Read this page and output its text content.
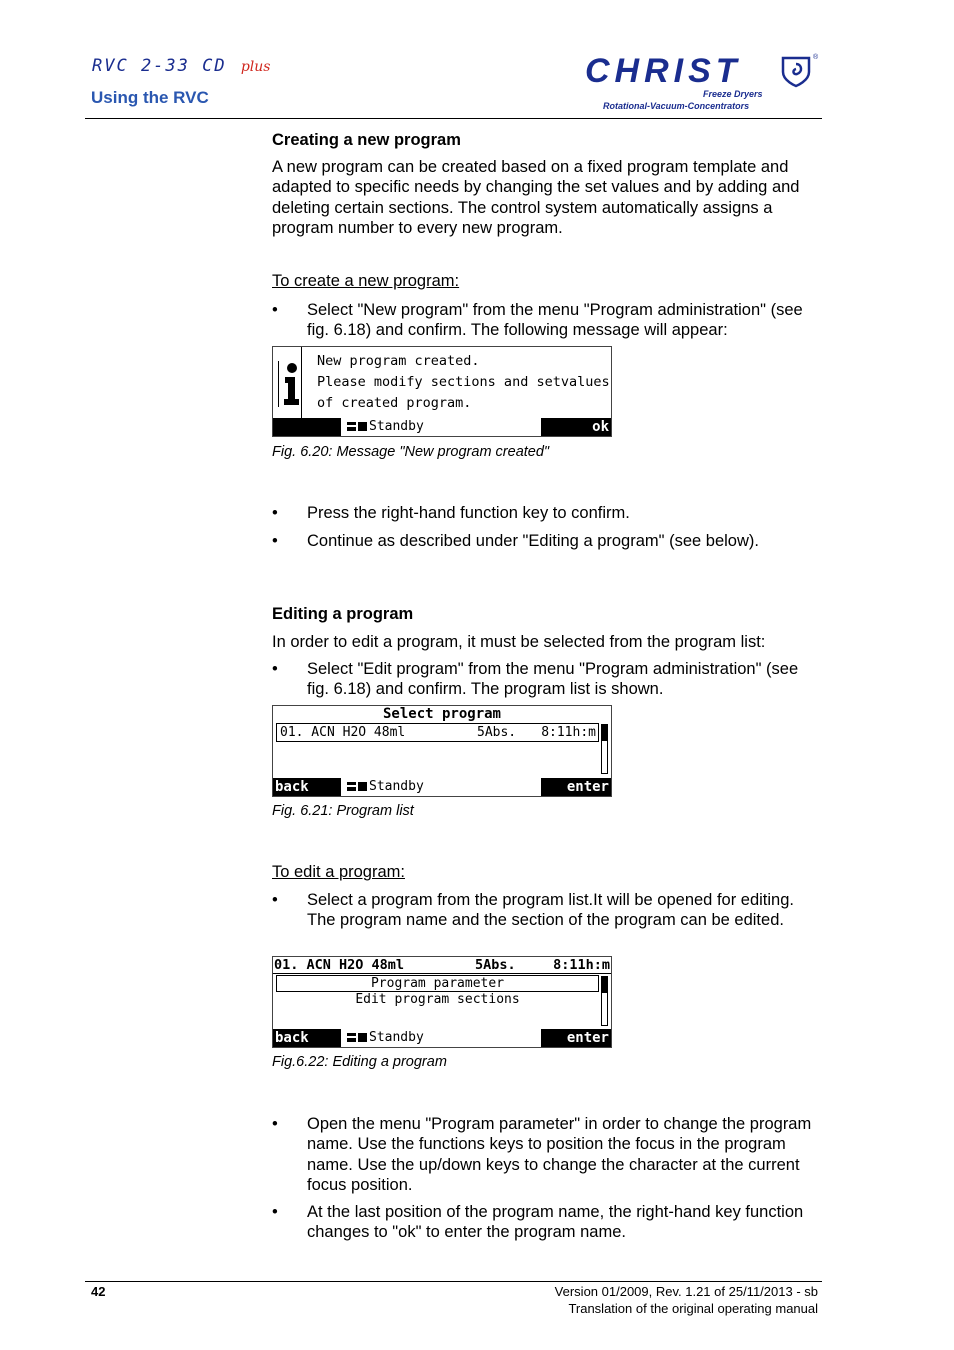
RVC 2-33 CD plus
Using the RVC
CHRIST	®
Freeze Dryers
Rotational-Vacuum-Concentrators
Creating a new program
A new program can be created based on a fixed program template and adapted to specific needs by changing the set values and by adding and deleting certain sections. The control system automatically assigns a program number to every new program.
To create a new program:
• Select "New program" from the menu "Program administration" (see fig. 6.18) and confirm. The following message will appear:
New program created.
Please modify sections and setvalues
of created program.
Standby	ok
Fig. 6.20: Message "New program created"
• Press the right-hand function key to confirm.
• Continue as described under "Editing a program" (see below).
Editing a program
In order to edit a program, it must be selected from the program list:
• Select "Edit program" from the menu "Program administration" (see fig. 6.18) and confirm. The program list is shown.
Select program
01. ACN H2O 48ml	5Abs. 8:11h:m
back	Standby	enter
Fig. 6.21: Program list
To edit a program:
• Select a program from the program list.It will be opened for editing. The program name and the section of the program can be edited.
01. ACN H2O 48ml	5Abs.	8:11h:m
Program parameter
Edit program sections
back	Standby	enter
Fig.6.22: Editing a program
• Open the menu "Program parameter" in order to change the program name. Use the functions keys to position the focus in the program name. Use the up/down keys to change the character at the current focus position.
• At the last position of the program name, the right-hand key function changes to "ok" to enter the program name.
42	Version 01/2009, Rev. 1.21 of 25/11/2013 - sb
Translation of the original operating manual
